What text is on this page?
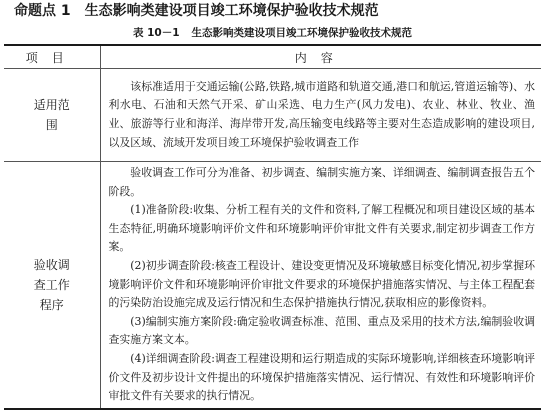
命题点 1 生态影响类建设项目竣工环境保护验收技术规范
表 10－1 生态影响类建设项目竣工环境保护验收技术规范
项目	内容

适用范围	该标准适用于交通运输(公路,铁路,城市道路和轨道交通,港口和航运,管道运输等)、水利水电、石油和天然气开采、矿山采选、电力生产(风力发电)、农业、林业、牧业、渔业、旅游等行业和海洋、海岸带开发,高压输变电线路等主要对生态造成影响的建设项目,以及区域、流域开发项目竣工环境保护验收调查工作

验收调查工作程序	验收调查工作可分为准备、初步调查、编制实施方案、详细调查、编制调查报告五个阶段。

(1)准备阶段:收集、分析工程有关的文件和资料,了解工程概况和项目建设区域的基本生态特征,明确环境影响评价文件和环境影响评价审批文件有关要求,制定初步调查工作方案。

(2)初步调查阶段:核查工程设计、建设变更情况及环境敏感目标变化情况,初步掌握环境影响评价文件和环境影响评价审批文件要求的环境保护措施落实情况、与主体工程配套的污染防治设施完成及运行情况和生态保护措施执行情况,获取相应的影像资料。

(3)编制实施方案阶段:确定验收调查标准、范围、重点及采用的技术方法,编制验收调查实施方案文本。

(4)详细调查阶段:调查工程建设期和运行期造成的实际环境影响,详细核查环境影响评价文件及初步设计文件提出的环境保护措施落实情况、运行情况、有效性和环境影响评价审批文件有关要求的执行情况。
